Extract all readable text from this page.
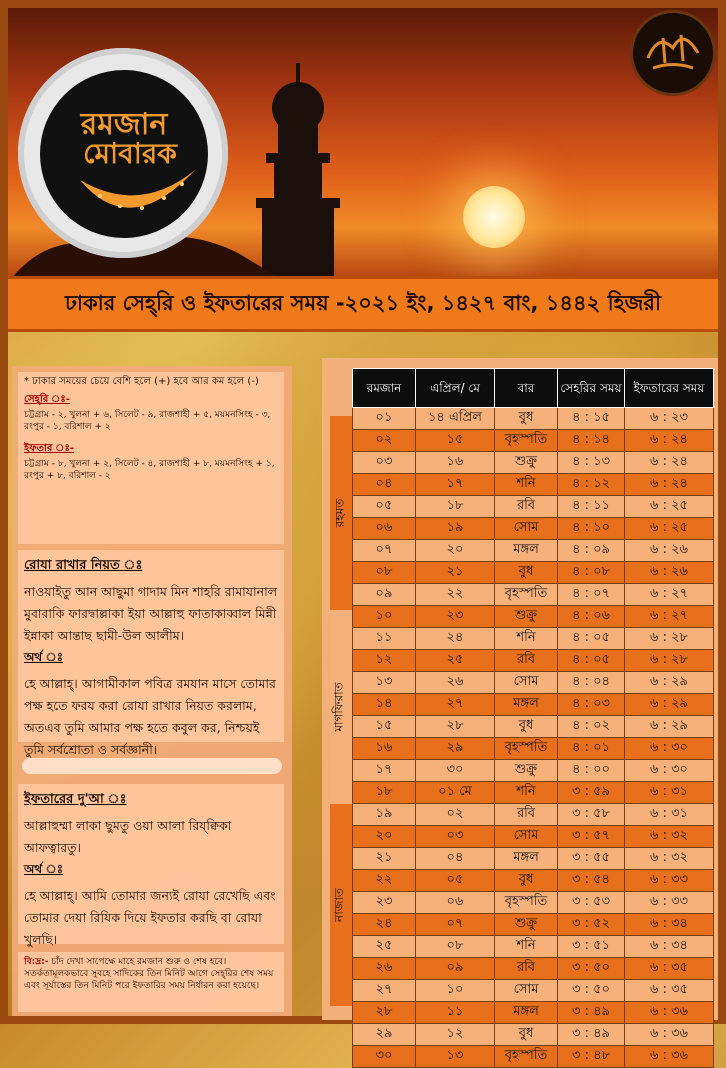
রমজান
মোবারক
ঢাকার সেহ্‌রি ও ইফতারের সময় -২০২১ ইং, ১৪২৭ বাং, ১৪৪২ হিজরী

* ঢাকার সময়ের চেয়ে বেশি হলে (+) হবে আর কম হলে (-)

সেহ্‌রি ঃ-

চট্টগ্রাম - ২, খুলনা + ৬, সিলেট - ৯, রাজশাহী + ৫, ময়মনসিংহ - ৩, রংপুর - ১, বরিশাল + ২

ইফতার ঃ-

চট্টগ্রাম - ৮, খুলনা + ২, সিলেট - ৪, রাজশাহী + ৮, ময়মনসিংহ + ১, রংপুর + ৮, বরিশাল - ২

রোযা রাখার নিয়ত ঃ

নাওয়াইতু আন আছুমা গাদাম মিন শাহরি রামাযানাল মুবারাকি ফারদ্বাল্লাকা ইয়া আল্লাহু ফাতাকাব্বাল মিন্নী ইন্নাকা আন্তাছ ছামী-উল আলীম।

অর্থ ঃ

হে আল্লাহ্‌। আগামীকাল পবিত্র রমযান মাসে তোমার পক্ষ হতে ফরয করা রোযা রাখার নিয়ত করলাম, অতএব তুমি আমার পক্ষ হতে কবুল কর, নিশ্চয়ই তুমি সর্বশ্রোতা ও সর্বজ্ঞানী।

ইফতারের দু'আ ঃ

আল্লাহুম্মা লাকা ছুমতু ওয়া আলা রিয্‌ক্বিকা আফত্বারতু।

অর্থ ঃ

হে আল্লাহ্‌। আমি তোমার জন্যই রোযা রেখেছি এবং তোমার দেয়া রিযিক দিয়ে ইফতার করছি বা রোযা খুলছি।

বি:দ্র:- চাঁদ দেখা সাপেক্ষে মাহে রমজান শুরু ও শেষ হবে। সতর্কতামূলকভাবে সুবহে সাদিকের তিন মিনিট আগে সেহ্‌রির শেষ সময় এবং সূর্যাস্তের তিন মিনিট পরে ইফতারির সময় নির্ধারন করা হয়েছে।

রহমত
মাগফিরাত
নাজাত
রমজান	এপ্রিল/ মে	বার	সেহরির সময়	ইফতারের সময়
০১	১৪ এপ্রিল	বুধ	৪ : ১৫	৬ : ২৩
০২	১৫	বৃহস্পতি	৪ : ১৪	৬ : ২৪
০৩	১৬	শুক্রু	৪ : ১৩	৬ : ২৪
০৪	১৭	শনি	৪ : ১২	৬ : ২৪
০৫	১৮	রবি	৪ : ১১	৬ : ২৫
০৬	১৯	সোম	৪ : ১০	৬ : ২৫
০৭	২০	মঙ্গল	৪ : ০৯	৬ : ২৬
০৮	২১	বুধ	৪ : ০৮	৬ : ২৬
০৯	২২	বৃহস্পতি	৪ : ০৭	৬ : ২৭
১০	২৩	শুক্রু	৪ : ০৬	৬ : ২৭
১১	২৪	শনি	৪ : ০৫	৬ : ২৮
১২	২৫	রবি	৪ : ০৫	৬ : ২৮
১৩	২৬	সোম	৪ : ০৪	৬ : ২৯
১৪	২৭	মঙ্গল	৪ : ০৩	৬ : ২৯
১৫	২৮	বুধ	৪ : ০২	৬ : ২৯
১৬	২৯	বৃহস্পতি	৪ : ০১	৬ : ৩০
১৭	৩০	শুক্রু	৪ : ০০	৬ : ৩০
১৮	০১ মে	শনি	৩ : ৫৯	৬ : ৩১
১৯	০২	রবি	৩ : ৫৮	৬ : ৩১
২০	০৩	সোম	৩ : ৫৭	৬ : ৩২
২১	০৪	মঙ্গল	৩ : ৫৫	৬ : ৩২
২২	০৫	বুধ	৩ : ৫৪	৬ : ৩৩
২৩	০৬	বৃহস্পতি	৩ : ৫৩	৬ : ৩৩
২৪	০৭	শুক্রু	৩ : ৫২	৬ : ৩৪
২৫	০৮	শনি	৩ : ৫১	৬ : ৩৪
২৬	০৯	রবি	৩ : ৫০	৬ : ৩৫
২৭	১০	সোম	৩ : ৫০	৬ : ৩৫
২৮	১১	মঙ্গল	৩ : ৪৯	৬ : ৩৬
২৯	১২	বুধ	৩ : ৪৯	৬ : ৩৬
৩০	১৩	বৃহস্পতি	৩ : ৪৮	৬ : ৩৬
